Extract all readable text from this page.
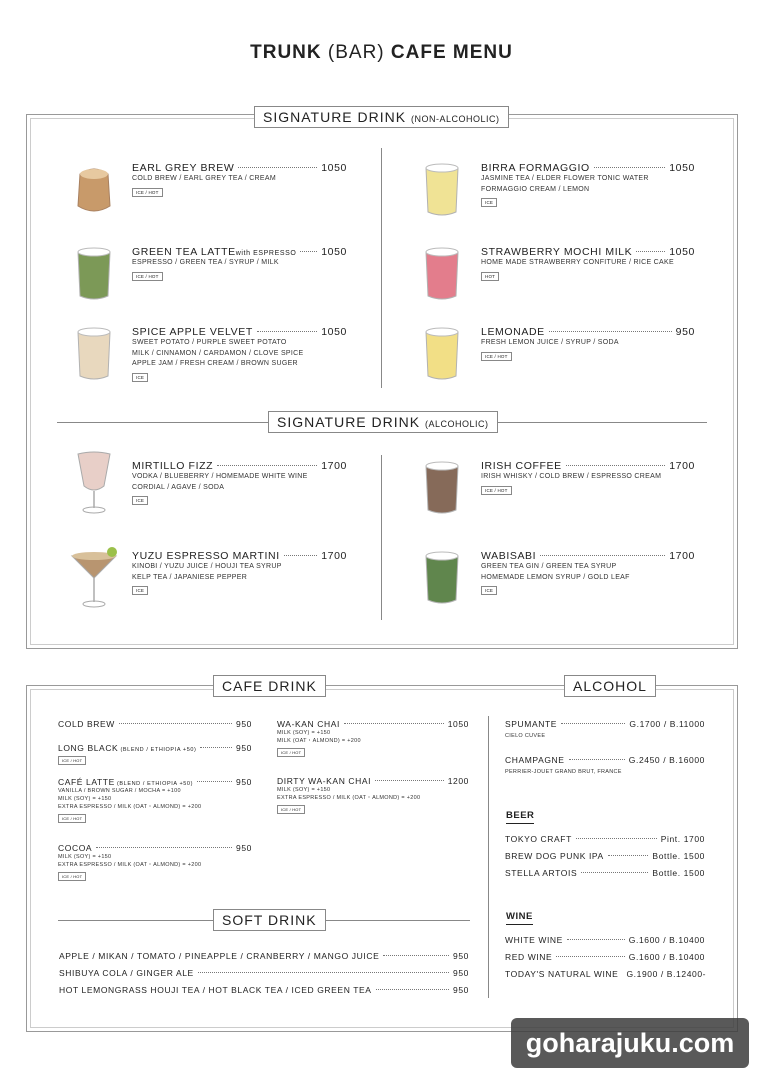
TRUNK (BAR) CAFE MENU
SIGNATURE DRINK (NON-ALCOHOLIC)
SIGNATURE DRINK (ALCOHOLIC)
EARL GREY BREW	1050
COLD BREW / EARL GREY TEA / CREAM
ICE / HOT
GREEN TEA LATTEwith ESPRESSO 1050
ESPRESSO / GREEN TEA / SYRUP / MILK
ICE / HOT
SPICE APPLE VELVET	1050
SWEET POTATO / PURPLE SWEET POTATO
MILK / CINNAMON / CARDAMON / CLOVE SPICE
APPLE JAM / FRESH CREAM / BROWN SUGER
ICE
BIRRA FORMAGGIO	1050
JASMINE TEA / ELDER FLOWER TONIC WATER
FORMAGGIO CREAM / LEMON
ICE
STRAWBERRY MOCHI MILK	1050
HOME MADE STRAWBERRY CONFITURE / RICE CAKE
HOT
LEMONADE	950
FRESH LEMON JUICE / SYRUP / SODA
ICE / HOT
MIRTILLO FIZZ	1700
VODKA / BLUEBERRY / HOMEMADE WHITE WINE
CORDIAL / AGAVE / SODA
ICE
YUZU ESPRESSO MARTINI	1700
KINOBI / YUZU JUICE / HOUJI TEA SYRUP
KELP TEA / JAPANIESE PEPPER
ICE
IRISH COFFEE	1700
IRISH WHISKY / COLD BREW / ESPRESSO CREAM
ICE / HOT
WABISABI	1700
GREEN TEA GIN / GREEN TEA SYRUP
HOMEMADE LEMON SYRUP / GOLD LEAF
ICE
CAFE DRINK	ALCOHOL
SOFT DRINK
COLD BREW	950
LONG BLACK (BLEND / ETHIOPIA +50)	950
ICE / HOT
CAFÉ LATTE (BLEND / ETHIOPIA +50)	950
VANILLA / BROWN SUGAR / MOCHA = +100
MILK (SOY) = +150
EXTRA ESPRESSO / MILK (OAT・ALMOND) = +200
ICE / HOT
COCOA	950
MILK (SOY) = +150
EXTRA ESPRESSO / MILK (OAT・ALMOND) = +200
ICE / HOT
WA-KAN CHAI	1050
MILK (SOY) = +150
MILK (OAT・ALMOND) = +200
ICE / HOT
DIRTY WA-KAN CHAI	1200
MILK (SOY) = +150
EXTRA ESPRESSO / MILK (OAT・ALMOND) = +200
ICE / HOT
APPLE / MIKAN / TOMATO / PINEAPPLE / CRANBERRY / MANGO JUICE	950
SHIBUYA COLA / GINGER ALE	950
HOT LEMONGRASS HOUJI TEA / HOT BLACK TEA / ICED GREEN TEA	950
SPUMANTE	G.1700 / B.11000
CIELO CUVEE
CHAMPAGNE	G.2450 / B.16000
PERRIER-JOUET GRAND BRUT, FRANCE
BEER
TOKYO CRAFT	Pint. 1700
BREW DOG PUNK IPA	Bottle. 1500
STELLA ARTOIS	Bottle. 1500
WINE
WHITE WINE	G.1600 / B.10400
RED WINE	G.1600 / B.10400
TODAY'S NATURAL WINE G.1900 / B.12400-
goharajuku.com
